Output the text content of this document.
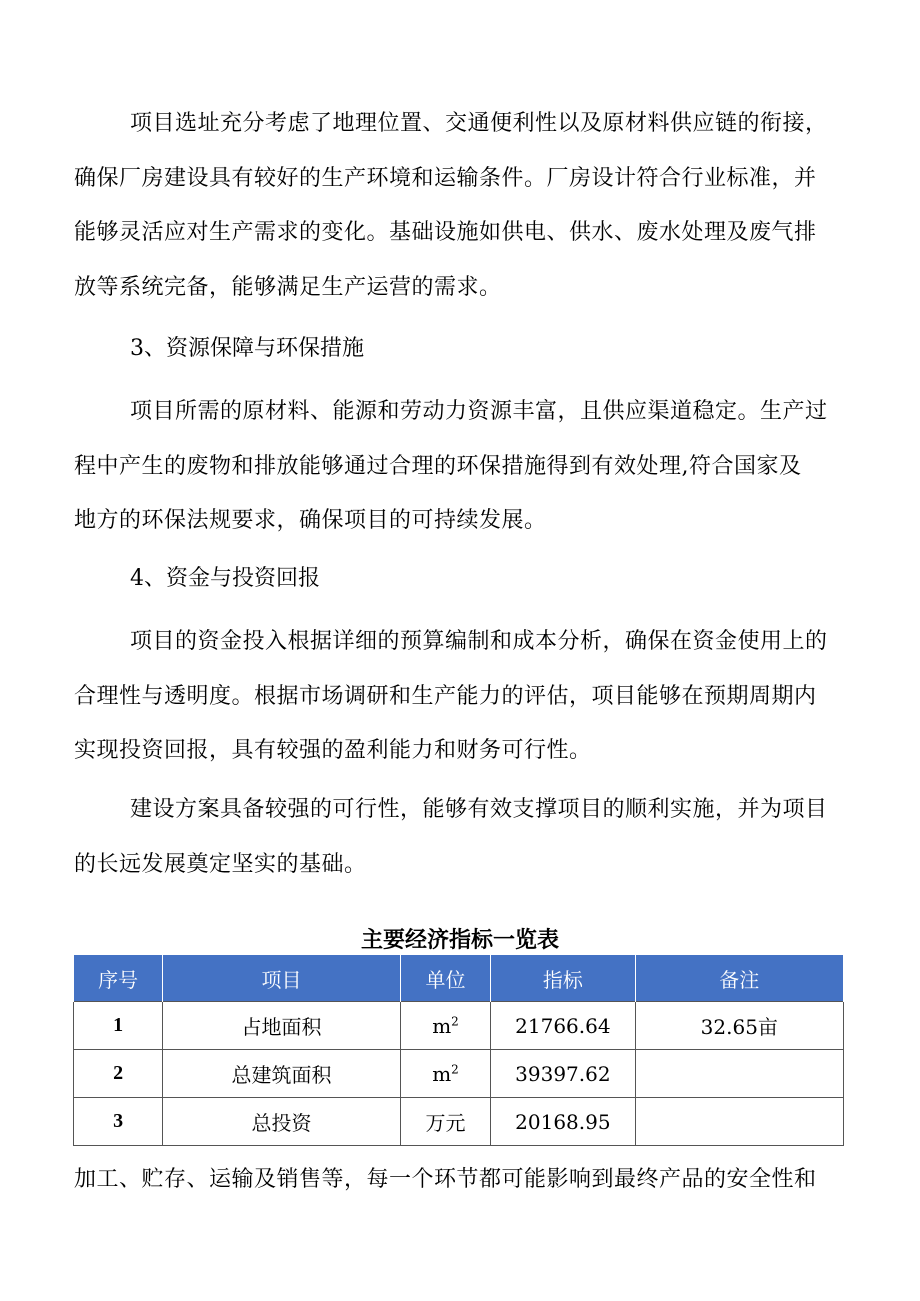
项目选址充分考虑了地理位置、交通便利性以及原材料供应链的衔接，
确保厂房建设具有较好的生产环境和运输条件。厂房设计符合行业标准，并
能够灵活应对生产需求的变化。基础设施如供电、供水、废水处理及废气排
放等系统完备，能够满足生产运营的需求。

3、资源保障与环保措施

项目所需的原材料、能源和劳动力资源丰富，且供应渠道稳定。生产过
程中产生的废物和排放能够通过合理的环保措施得到有效处理,符合国家及
地方的环保法规要求，确保项目的可持续发展。

4、资金与投资回报

项目的资金投入根据详细的预算编制和成本分析，确保在资金使用上的
合理性与透明度。根据市场调研和生产能力的评估，项目能够在预期周期内
实现投资回报，具有较强的盈利能力和财务可行性。

建设方案具备较强的可行性，能够有效支撑项目的顺利实施，并为项目
的长远发展奠定坚实的基础。

主要经济指标一览表

序号	项目	单位	指标	备注
1	占地面积	$m^2$	21766.64	32.65亩
2	总建筑面积	$m^2$	39397.62	
3	总投资	万元	20168.95	

加工、贮存、运输及销售等，每一个环节都可能影响到最终产品的安全性和
